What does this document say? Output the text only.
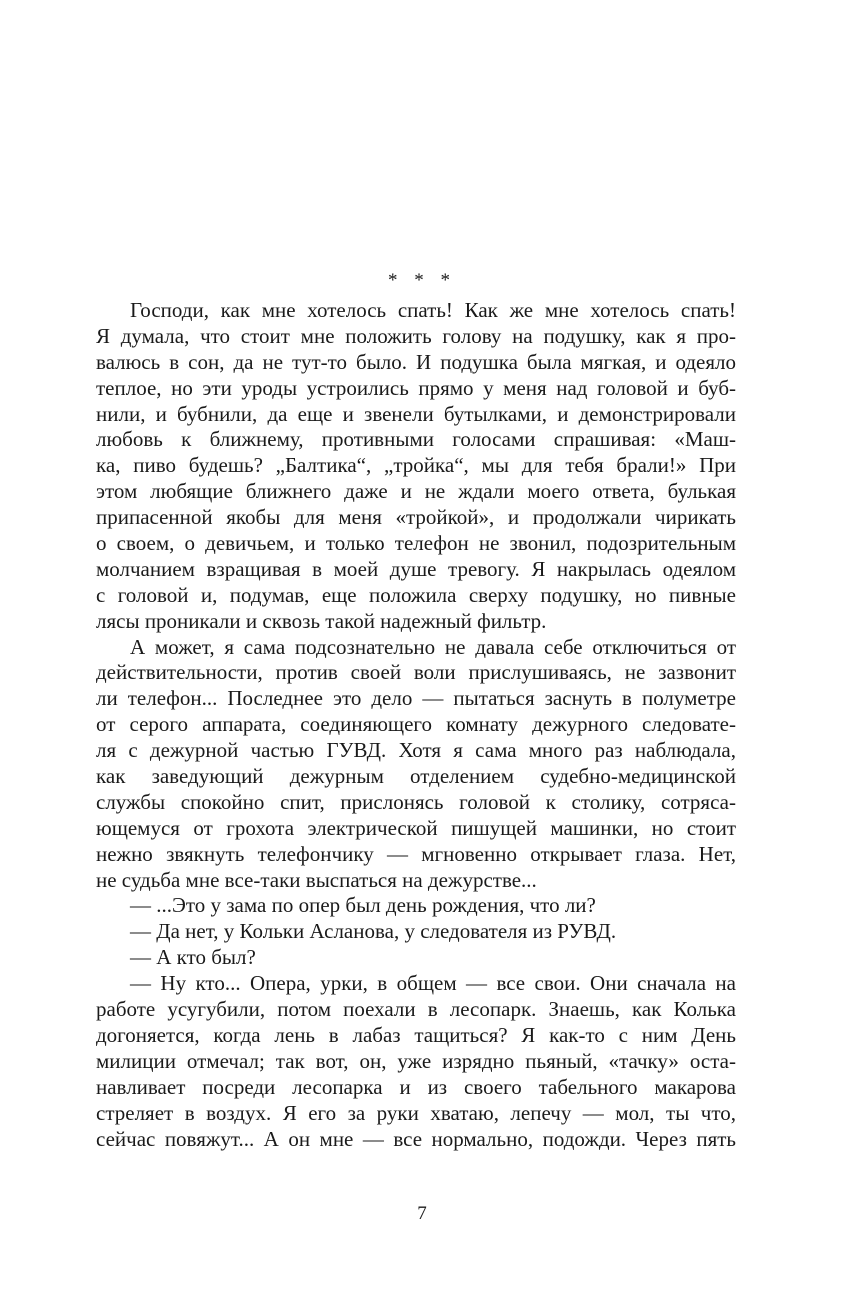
* * *
Господи, как мне хотелось спать! Как же мне хотелось спать!
Я думала, что стоит мне положить голову на подушку, как я про-
валюсь в сон, да не тут-то было. И подушка была мягкая, и одеяло
теплое, но эти уроды устроились прямо у меня над головой и буб-
нили, и бубнили, да еще и звенели бутылками, и демонстрировали
любовь к ближнему, противными голосами спрашивая: «Маш-
ка, пиво будешь? „Балтика“, „тройка“, мы для тебя брали!» При
этом любящие ближнего даже и не ждали моего ответа, булькая
припасенной якобы для меня «тройкой», и продолжали чирикать
о своем, о девичьем, и только телефон не звонил, подозрительным
молчанием взращивая в моей душе тревогу. Я накрылась одеялом
с головой и, подумав, еще положила сверху подушку, но пивные
лясы проникали и сквозь такой надежный фильтр.
А может, я сама подсознательно не давала себе отключиться от
действительности, против своей воли прислушиваясь, не зазвонит
ли телефон... Последнее это дело — пытаться заснуть в полуметре
от серого аппарата, соединяющего комнату дежурного следовате-
ля с дежурной частью ГУВД. Хотя я сама много раз наблюдала,
как заведующий дежурным отделением судебно-медицинской
службы спокойно спит, прислонясь головой к столику, сотряса-
ющемуся от грохота электрической пишущей машинки, но стоит
нежно звякнуть телефончику — мгновенно открывает глаза. Нет,
не судьба мне все-таки выспаться на дежурстве...
— ...Это у зама по опер был день рождения, что ли?
— Да нет, у Кольки Асланова, у следователя из РУВД.
— А кто был?
— Ну кто... Опера, урки, в общем — все свои. Они сначала на
работе усугубили, потом поехали в лесопарк. Знаешь, как Колька
догоняется, когда лень в лабаз тащиться? Я как-то с ним День
милиции отмечал; так вот, он, уже изрядно пьяный, «тачку» оста-
навливает посреди лесопарка и из своего табельного макарова
стреляет в воздух. Я его за руки хватаю, лепечу — мол, ты что,
сейчас повяжут... А он мне — все нормально, подожди. Через пять
7
